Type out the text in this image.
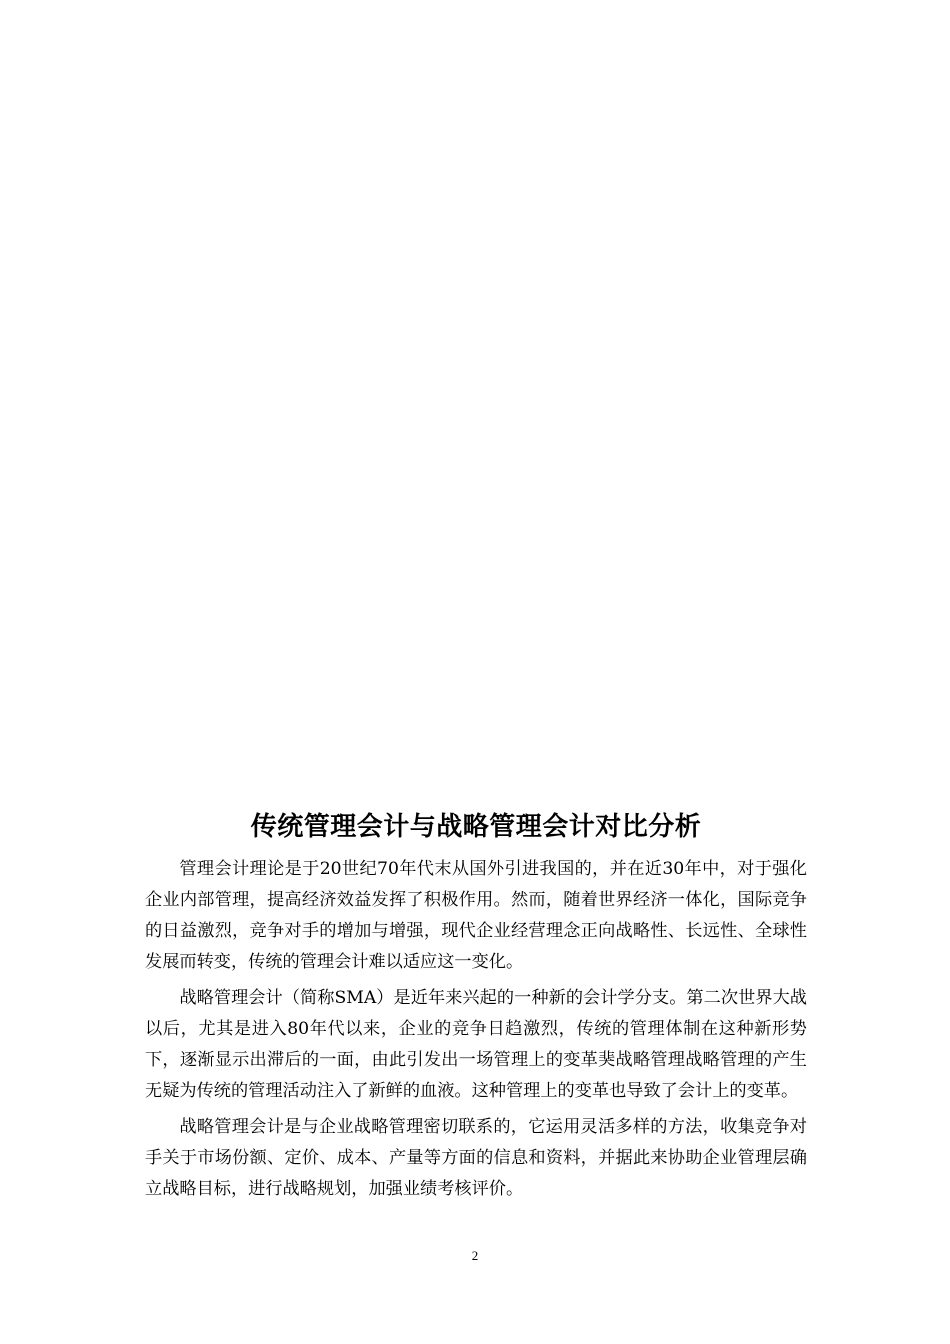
传统管理会计与战略管理会计对比分析

管理会计理论是于20世纪70年代末从国外引进我国的，并在近30年中，对于强化企业内部管理，提高经济效益发挥了积极作用。然而，随着世界经济一体化，国际竞争的日益激烈，竞争对手的增加与增强，现代企业经营理念正向战略性、长远性、全球性发展而转变，传统的管理会计难以适应这一变化。

战略管理会计（简称SMA）是近年来兴起的一种新的会计学分支。第二次世界大战以后，尤其是进入80年代以来，企业的竞争日趋激烈，传统的管理体制在这种新形势下，逐渐显示出滞后的一面，由此引发出一场管理上的变革猆战略管理战略管理的产生无疑为传统的管理活动注入了新鲜的血液。这种管理上的变革也导致了会计上的变革。

战略管理会计是与企业战略管理密切联系的，它运用灵活多样的方法，收集竞争对手关于市场份额、定价、成本、产量等方面的信息和资料，并据此来协助企业管理层确立战略目标，进行战略规划，加强业绩考核评价。

2
